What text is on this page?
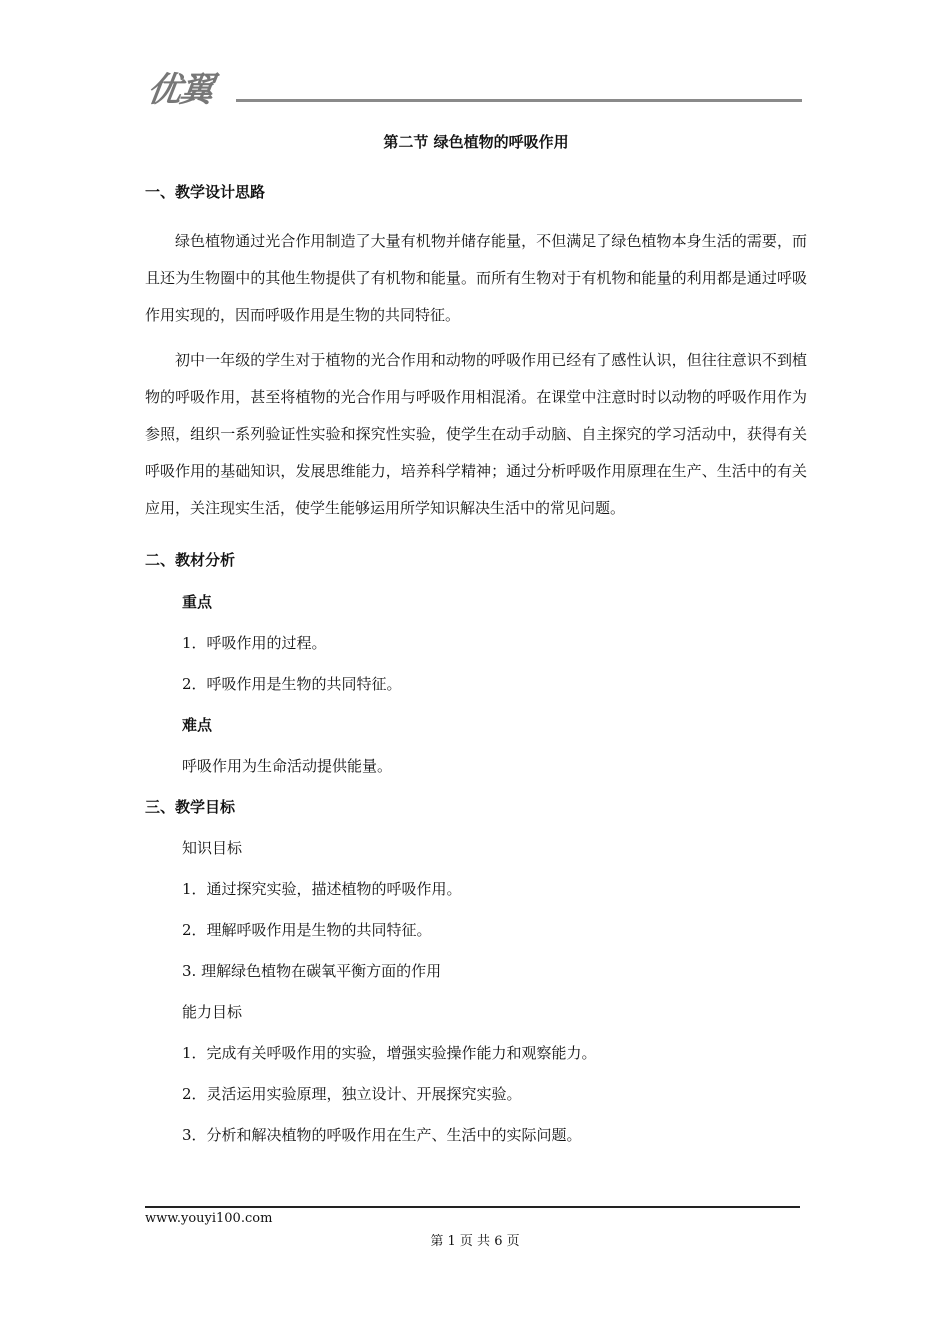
优翼
第二节 绿色植物的呼吸作用
一、教学设计思路

绿色植物通过光合作用制造了大量有机物并储存能量，不但满足了绿色植物本身生活的需要，而且还为生物圈中的其他生物提供了有机物和能量。而所有生物对于有机物和能量的利用都是通过呼吸作用实现的，因而呼吸作用是生物的共同特征。

初中一年级的学生对于植物的光合作用和动物的呼吸作用已经有了感性认识，但往往意识不到植物的呼吸作用，甚至将植物的光合作用与呼吸作用相混淆。在课堂中注意时时以动物的呼吸作用作为参照，组织一系列验证性实验和探究性实验，使学生在动手动脑、自主探究的学习活动中，获得有关呼吸作用的基础知识，发展思维能力，培养科学精神；通过分析呼吸作用原理在生产、生活中的有关应用，关注现实生活，使学生能够运用所学知识解决生活中的常见问题。

二、教材分析
重点
1．呼吸作用的过程。
2．呼吸作用是生物的共同特征。
难点
呼吸作用为生命活动提供能量。
三、教学目标
知识目标
1．通过探究实验，描述植物的呼吸作用。
2．理解呼吸作用是生物的共同特征。
3. 理解绿色植物在碳氧平衡方面的作用
能力目标
1．完成有关呼吸作用的实验，增强实验操作能力和观察能力。
2．灵活运用实验原理，独立设计、开展探究实验。
3．分析和解决植物的呼吸作用在生产、生活中的实际问题。
www.youyi100.com
第 1 页 共 6 页
